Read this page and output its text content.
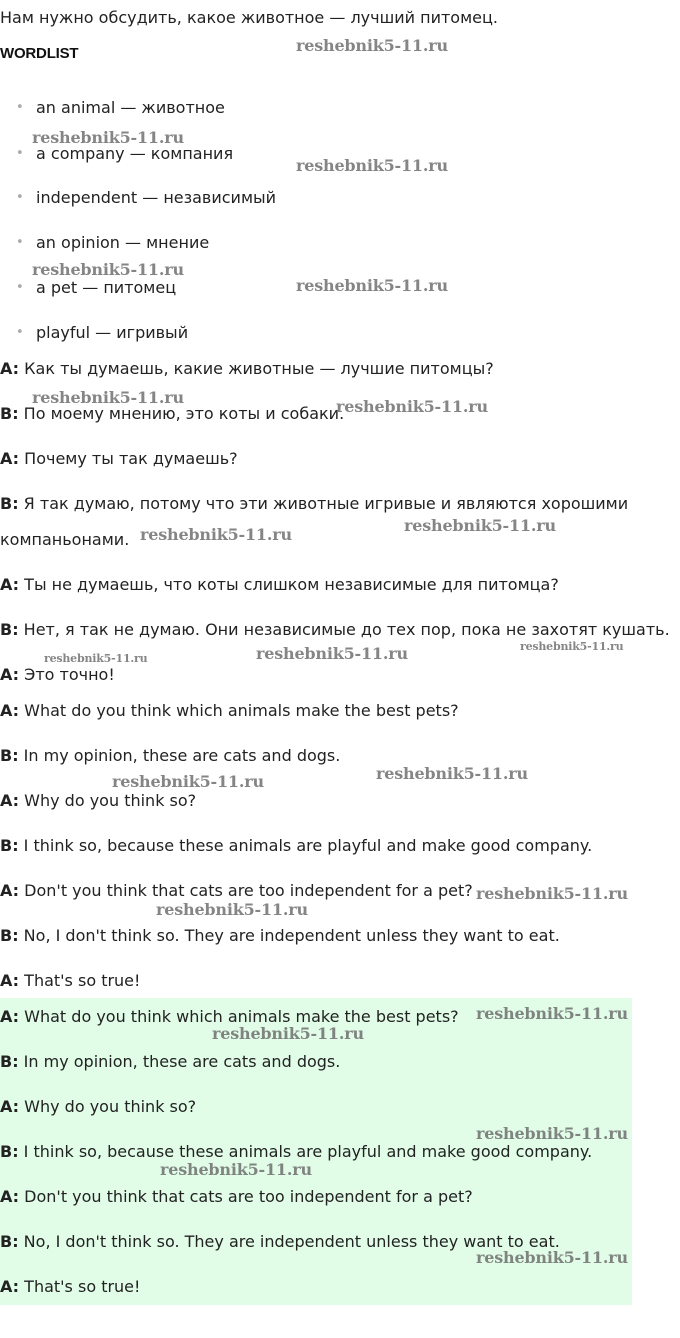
Нам нужно обсудить, какое животное — лучший питомец.

WORDLIST

• an animal — животное
• a company — компания
• independent — независимый
• an opinion — мнение
• a pet — питомец
• playful — игривый

A: Как ты думаешь, какие животные — лучшие питомцы?

B: По моему мнению, это коты и собаки.

A: Почему ты так думаешь?

B: Я так думаю, потому что эти животные игривые и являются хорошими

компаньонами.

A: Ты не думаешь, что коты слишком независимые для питомца?

B: Нет, я так не думаю. Они независимые до тех пор, пока не захотят кушать.

A: Это точно!

A: What do you think which animals make the best pets?

B: In my opinion, these are cats and dogs.

A: Why do you think so?

B: I think so, because these animals are playful and make good company.

A: Don't you think that cats are too independent for a pet?

B: No, I don't think so. They are independent unless they want to eat.

A: That's so true!

A: What do you think which animals make the best pets?

B: In my opinion, these are cats and dogs.

A: Why do you think so?

B: I think so, because these animals are playful and make good company.

A: Don't you think that cats are too independent for a pet?

B: No, I don't think so. They are independent unless they want to eat.

A: That's so true!

reshebnik5-11.ru
reshebnik5-11.ru
reshebnik5-11.ru
reshebnik5-11.ru
reshebnik5-11.ru
reshebnik5-11.ru	reshebnik5-11.ru
reshebnik5-11.ru
reshebnik5-11.ru
reshebnik5-11.ru
reshebnik5-11.ru	reshebnik5-11.ru
reshebnik5-11.ru
reshebnik5-11.ru
reshebnik5-11.ru
reshebnik5-11.ru
reshebnik5-11.ru
reshebnik5-11.ru
reshebnik5-11.ru
reshebnik5-11.ru
reshebnik5-11.ru
